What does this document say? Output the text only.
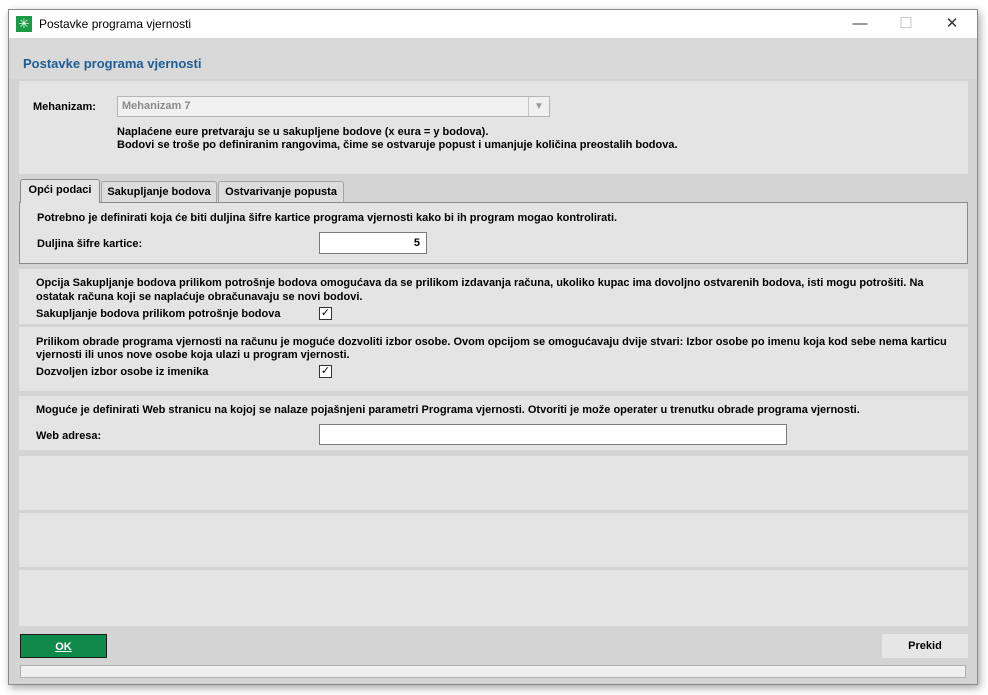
✳ Postavke programa vjernosti	—	☐	✕
Postavke programa vjernosti
Mehanizam: Mehanizam 7	▼
Naplaćene eure pretvaraju se u sakupljene bodove (x eura = y bodova).
Bodovi se troše po definiranim rangovima, čime se ostvaruje popust i umanjuje količina preostalih bodova.
Opći podaci	Sakupljanje bodova	Ostvarivanje popusta
Potrebno je definirati koja će biti duljina šifre kartice programa vjernosti kako bi ih program mogao kontrolirati.
Duljina šifre kartice:	5
Opcija Sakupljanje bodova prilikom potrošnje bodova omogućava da se prilikom izdavanja računa, ukoliko kupac ima dovoljno ostvarenih bodova, isti mogu potrošiti. Na
ostatak računa koji se naplaćuje obračunavaju se novi bodovi.
Sakupljanje bodova prilikom potrošnje bodova	✓
Prilikom obrade programa vjernosti na računu je moguće dozvoliti izbor osobe. Ovom opcijom se omogućavaju dvije stvari: Izbor osobe po imenu koja kod sebe nema karticu
vjernosti ili unos nove osobe koja ulazi u program vjernosti.
Dozvoljen izbor osobe iz imenika	✓
Moguće je definirati Web stranicu na kojoj se nalaze pojašnjeni parametri Programa vjernosti. Otvoriti je može operater u trenutku obrade programa vjernosti.
Web adresa:
OK	Prekid
